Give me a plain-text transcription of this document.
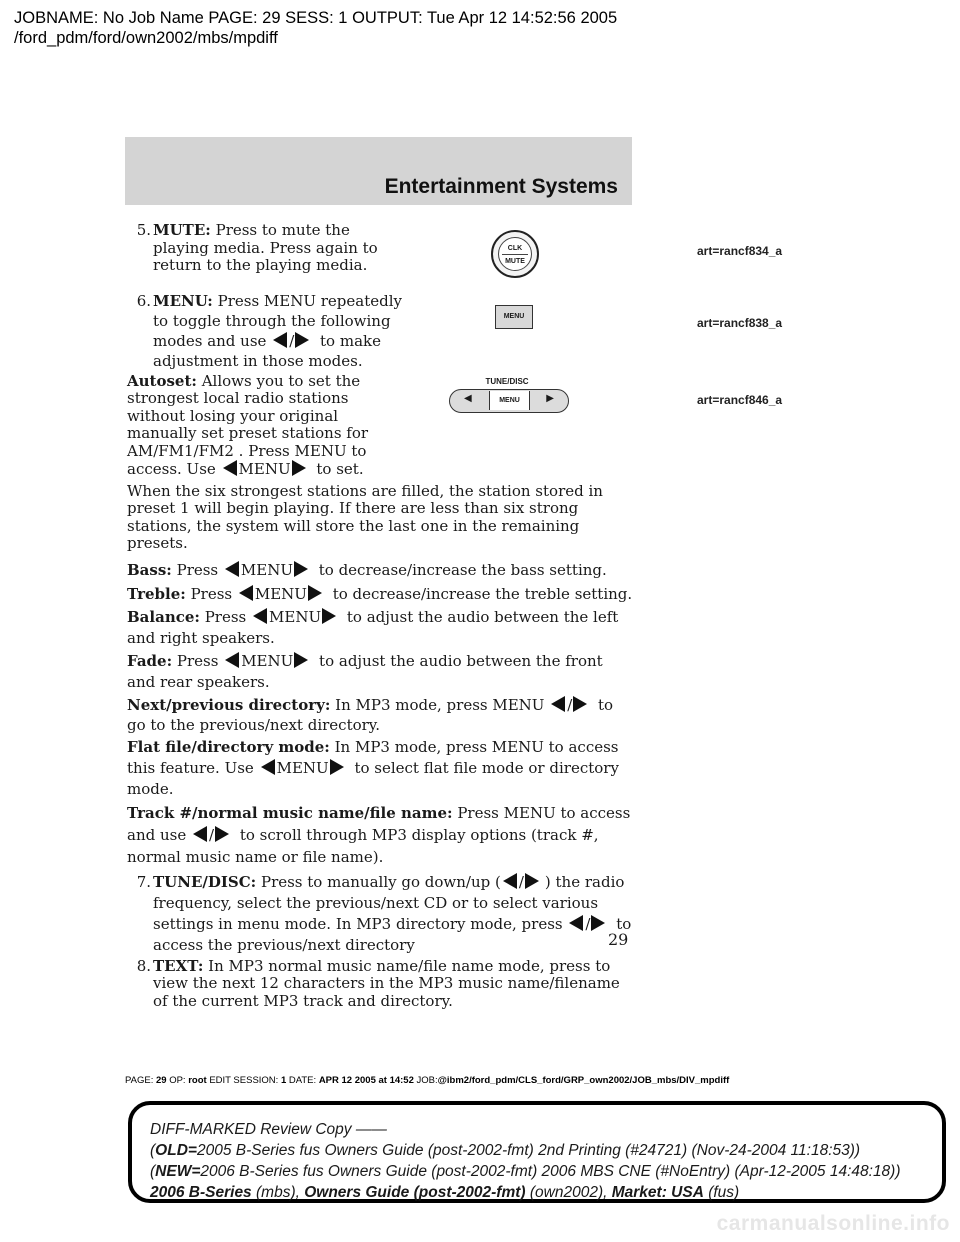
JOBNAME: No Job Name PAGE: 29 SESS: 1 OUTPUT: Tue Apr 12 14:52:56 2005
/ford_pdm/ford/own2002/mbs/mpdiff
Entertainment Systems
CLK
MUTE
MENU
TUNE/DISC
◀	MENU	▶
art=rancf834_a
art=rancf838_a
art=rancf846_a
5. MUTE: Press to mute the playing media. Press again to return to the playing media.
6. MENU: Press MENU repeatedly to toggle through the following modes and use / to make adjustment in those modes.

Autoset: Allows you to set the strongest local radio stations without losing your original manually set preset stations for AM/FM1/FM2 . Press MENU to access. Use MENU to set.

When the six strongest stations are filled, the station stored in preset 1 will begin playing. If there are less than six strong stations, the system will store the last one in the remaining presets.

Bass: Press MENU to decrease/increase the bass setting.

Treble: Press MENU to decrease/increase the treble setting.

Balance: Press MENU to adjust the audio between the left and right speakers.

Fade: Press MENU to adjust the audio between the front and rear speakers.

Next/previous directory: In MP3 mode, press MENU / to go to the previous/next directory.

Flat file/directory mode: In MP3 mode, press MENU to access this feature. Use MENU to select flat file mode or directory mode.

Track #/normal music name/file name: Press MENU to access and use / to scroll through MP3 display options (track #, normal music name or file name).

7. TUNE/DISC: Press to manually go down/up ( / ) the radio frequency, select the previous/next CD or to select various settings in menu mode. In MP3 directory mode, press / to access the previous/next directory
8. TEXT: In MP3 normal music name/file name mode, press to view the next 12 characters in the MP3 music name/filename of the current MP3 track and directory.
29
PAGE: 29 OP: root EDIT SESSION: 1 DATE: APR 12 2005 at 14:52 JOB:@ibm2/ford_pdm/CLS_ford/GRP_own2002/JOB_mbs/DIV_mpdiff
DIFF-MARKED Review Copy ——
(OLD=2005 B-Series fus Owners Guide (post-2002-fmt) 2nd Printing (#24721) (Nov-24-2004 11:18:53))
(NEW=2006 B-Series fus Owners Guide (post-2002-fmt) 2006 MBS CNE (#NoEntry) (Apr-12-2005 14:48:18))
2006 B-Series (mbs), Owners Guide (post-2002-fmt) (own2002), Market: USA (fus)
carmanualsonline.info
